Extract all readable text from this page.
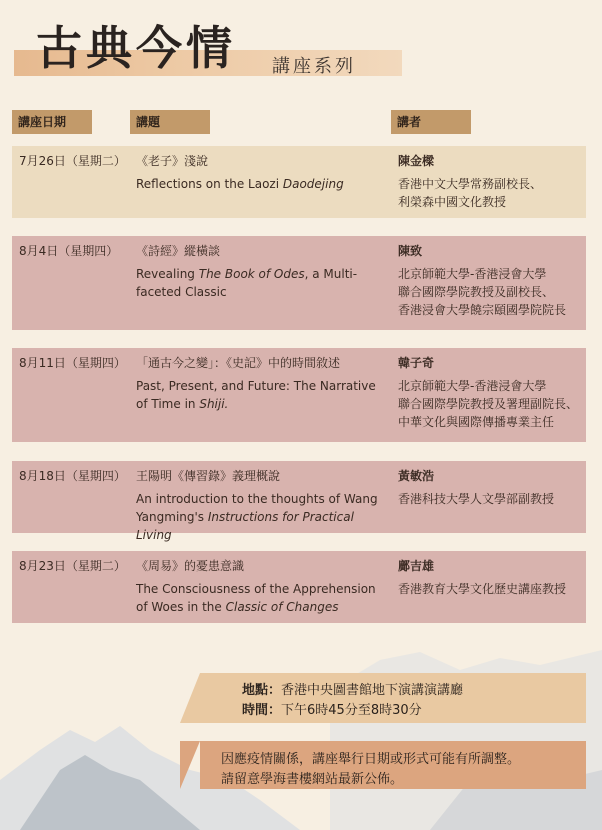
古典今情 講座系列
講座日期	講題	講者
7月26日（星期二） 《老子》淺說
Reflections on the Laozi Daodejing
陳金樑
香港中文大學常務副校長、
利榮森中國文化教授
8月4日（星期四） 《詩經》縱橫談
Revealing The Book of Odes, a Multi-faceted Classic
陳致
北京師範大學-香港浸會大學
聯合國際學院教授及副校長、
香港浸會大學饒宗頤國學院院長
8月11日（星期四） 「通古今之變」：《史記》中的時間敘述
Past, Present, and Future: The Narrative of Time in Shiji.
韓子奇
北京師範大學-香港浸會大學
聯合國際學院教授及署理副院長、
中華文化與國際傳播專業主任
8月18日（星期四） 王陽明《傳習錄》義理概說
An introduction to the thoughts of Wang Yangming's Instructions for Practical Living
黃敏浩
香港科技大學人文學部副教授
8月23日（星期二） 《周易》的憂患意識
The Consciousness of the Apprehension of Woes in the Classic of Changes
鄺吉雄
香港教育大學文化歷史講座教授
地點：香港中央圖書館地下演講演講廳
時間：下午6時45分至8時30分
因應疫情關係，講座舉行日期或形式可能有所調整。
請留意學海書樓網站最新公佈。
